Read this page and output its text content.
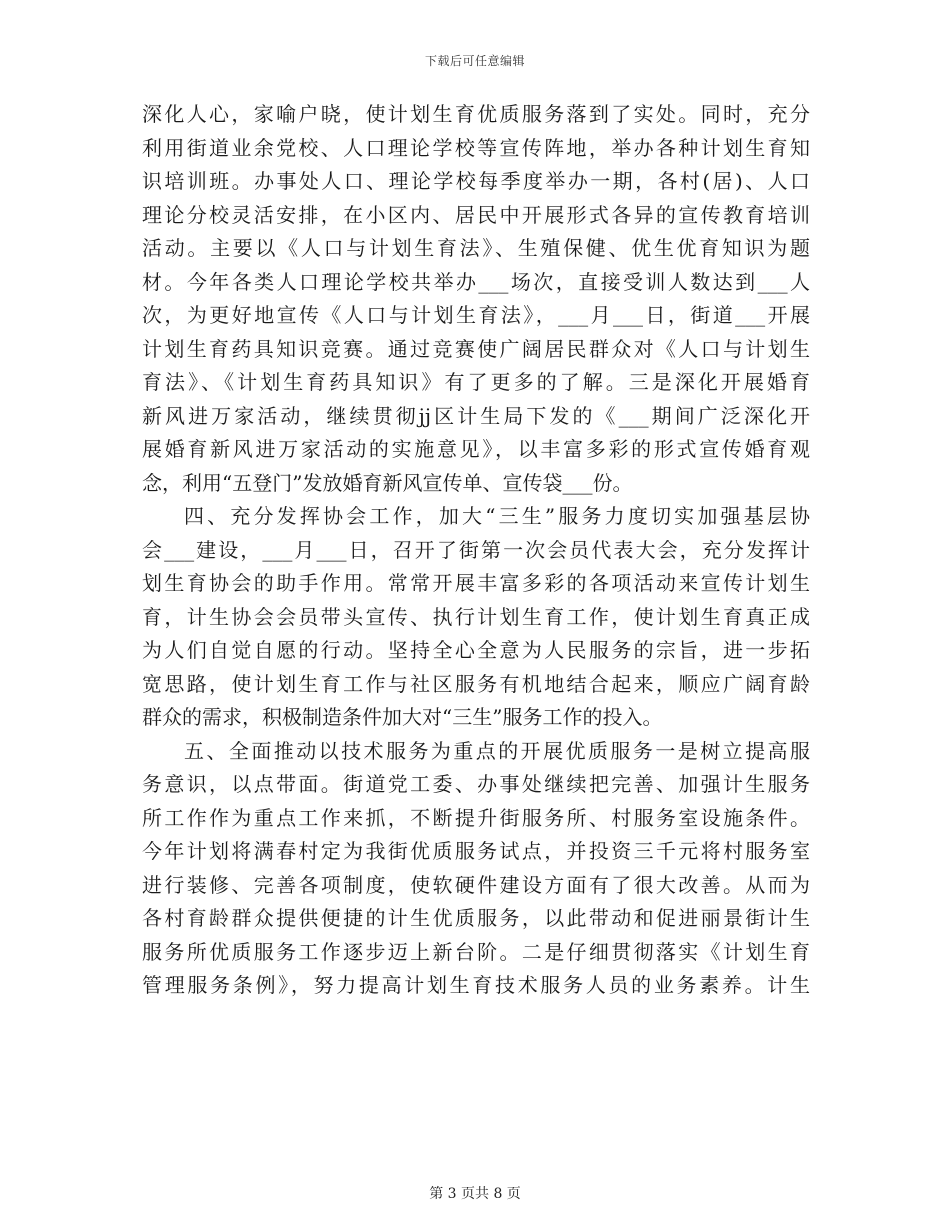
下载后可任意编辑
深化人心，家喻户晓，使计划生育优质服务落到了实处。同时，充分
利用街道业余党校、人口理论学校等宣传阵地，举办各种计划生育知
识培训班。办事处人口、理论学校每季度举办一期，各村(居)、人口
理论分校灵活安排，在小区内、居民中开展形式各异的宣传教育培训
活动。主要以《人口与计划生育法》、生殖保健、优生优育知识为题
材。今年各类人口理论学校共举办___场次，直接受训人数达到___人
次，为更好地宣传《人口与计划生育法》，___月___日，街道___开展
计划生育药具知识竞赛。通过竞赛使广阔居民群众对《人口与计划生
育法》、《计划生育药具知识》有了更多的了解。三是深化开展婚育
新风进万家活动，继续贯彻jj区计生局下发的《___期间广泛深化开
展婚育新风进万家活动的实施意见》，以丰富多彩的形式宣传婚育观
念，利用“五登门”发放婚育新风宣传单、宣传袋___份。
四、充分发挥协会工作，加大“三生”服务力度切实加强基层协
会___建设，___月___日，召开了街第一次会员代表大会，充分发挥计
划生育协会的助手作用。常常开展丰富多彩的各项活动来宣传计划生
育，计生协会会员带头宣传、执行计划生育工作，使计划生育真正成
为人们自觉自愿的行动。坚持全心全意为人民服务的宗旨，进一步拓
宽思路，使计划生育工作与社区服务有机地结合起来，顺应广阔育龄
群众的需求，积极制造条件加大对“三生”服务工作的投入。
五、全面推动以技术服务为重点的开展优质服务一是树立提高服
务意识，以点带面。街道党工委、办事处继续把完善、加强计生服务
所工作作为重点工作来抓，不断提升街服务所、村服务室设施条件。
今年计划将满春村定为我街优质服务试点，并投资三千元将村服务室
进行装修、完善各项制度，使软硬件建设方面有了很大改善。从而为
各村育龄群众提供便捷的计生优质服务，以此带动和促进丽景街计生
服务所优质服务工作逐步迈上新台阶。二是仔细贯彻落实《计划生育
管理服务条例》，努力提高计划生育技术服务人员的业务素养。计生
第 3 页共 8 页
